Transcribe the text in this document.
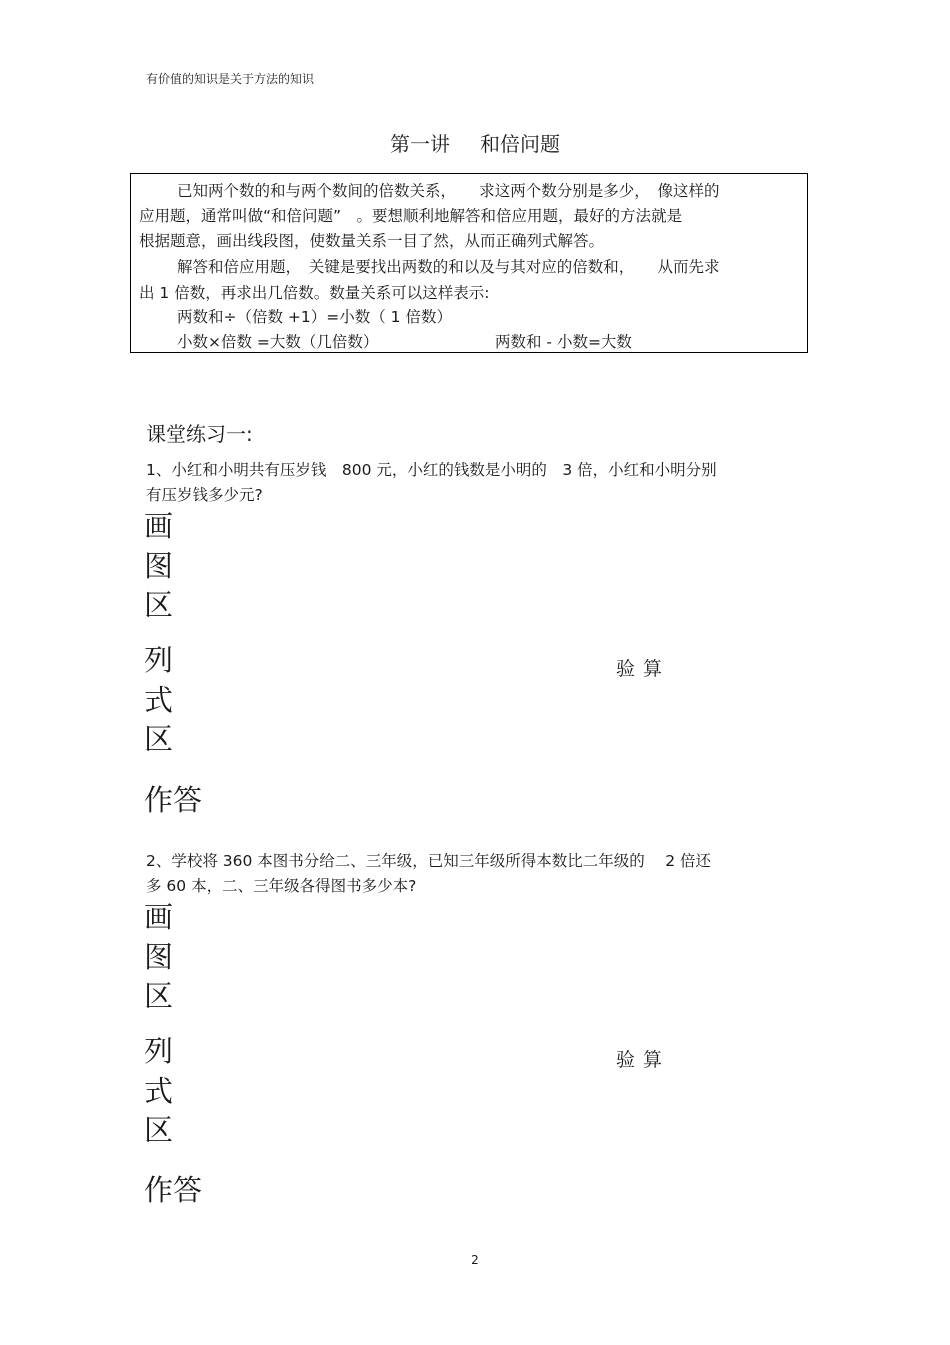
有价值的知识是关于方法的知识
第一讲 和倍问题
已知两个数的和与两个数间的倍数关系，　　求这两个数分别是多少，　像这样的
应用题，通常叫做“和倍问题”　。要想顺利地解答和倍应用题，最好的方法就是
根据题意，画出线段图，使数量关系一目了然，从而正确列式解答。
解答和倍应用题，　关键是要找出两数的和以及与其对应的倍数和，　　从而先求
出 1 倍数，再求出几倍数。数量关系可以这样表示:
两数和÷（倍数 +1）=小数（ 1 倍数）
小数×倍数 =大数（几倍数）	两数和 - 小数=大数
课堂练习一:
1、小红和小明共有压岁钱　800 元，小红的钱数是小明的　3 倍，小红和小明分别
有压岁钱多少元?
画
图
区
列
式
区
验算
作答
2、学校将 360 本图书分给二、三年级，已知三年级所得本数比二年级的　 2 倍还
多 60 本，二、三年级各得图书多少本?
画
图
区
列
式
区
验算
作答
2
